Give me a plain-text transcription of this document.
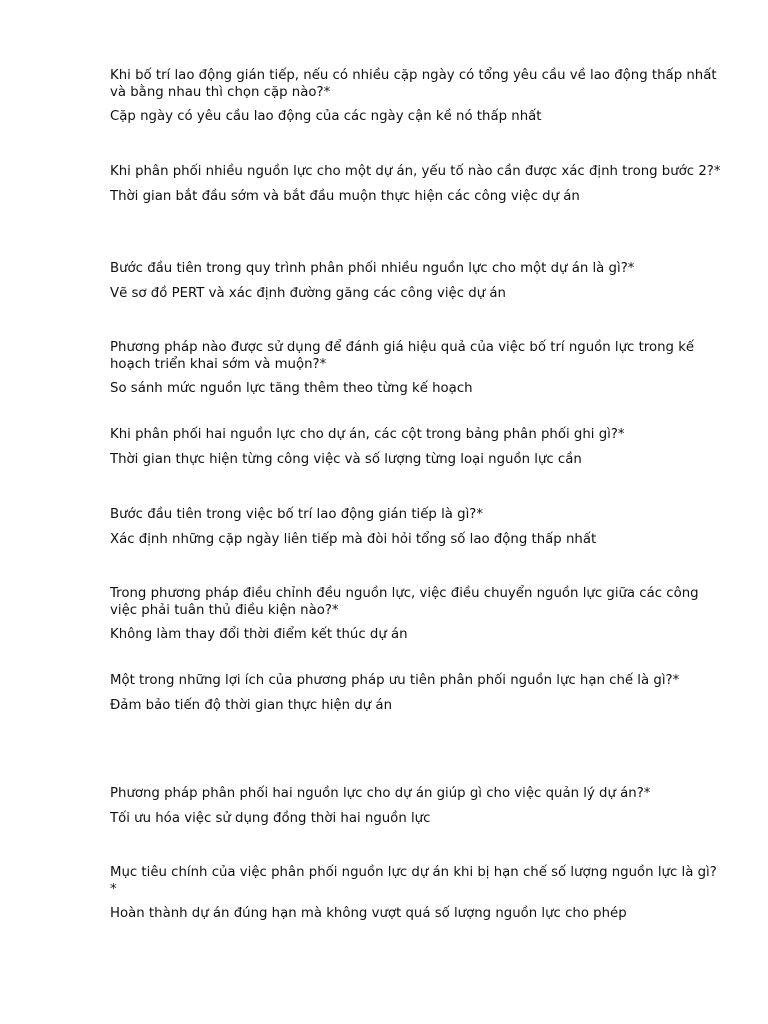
Khi bố trí lao động gián tiếp, nếu có nhiều cặp ngày có tổng yêu cầu về lao động thấp nhất và bằng nhau thì chọn cặp nào?*

Cặp ngày có yêu cầu lao động của các ngày cận kề nó thấp nhất

Khi phân phối nhiều nguồn lực cho một dự án, yếu tố nào cần được xác định trong bước 2?*

Thời gian bắt đầu sớm và bắt đầu muộn thực hiện các công việc dự án

Bước đầu tiên trong quy trình phân phối nhiều nguồn lực cho một dự án là gì?*

Vẽ sơ đồ PERT và xác định đường găng các công việc dự án

Phương pháp nào được sử dụng để đánh giá hiệu quả của việc bố trí nguồn lực trong kế hoạch triển khai sớm và muộn?*

So sánh mức nguồn lực tăng thêm theo từng kế hoạch

Khi phân phối hai nguồn lực cho dự án, các cột trong bảng phân phối ghi gì?*

Thời gian thực hiện từng công việc và số lượng từng loại nguồn lực cần

Bước đầu tiên trong việc bố trí lao động gián tiếp là gì?*

Xác định những cặp ngày liên tiếp mà đòi hỏi tổng số lao động thấp nhất

Trong phương pháp điều chỉnh đều nguồn lực, việc điều chuyển nguồn lực giữa các công việc phải tuân thủ điều kiện nào?*

Không làm thay đổi thời điểm kết thúc dự án

Một trong những lợi ích của phương pháp ưu tiên phân phối nguồn lực hạn chế là gì?*

Đảm bảo tiến độ thời gian thực hiện dự án

Phương pháp phân phối hai nguồn lực cho dự án giúp gì cho việc quản lý dự án?*

Tối ưu hóa việc sử dụng đồng thời hai nguồn lực

Mục tiêu chính của việc phân phối nguồn lực dự án khi bị hạn chế số lượng nguồn lực là gì?*

Hoàn thành dự án đúng hạn mà không vượt quá số lượng nguồn lực cho phép
